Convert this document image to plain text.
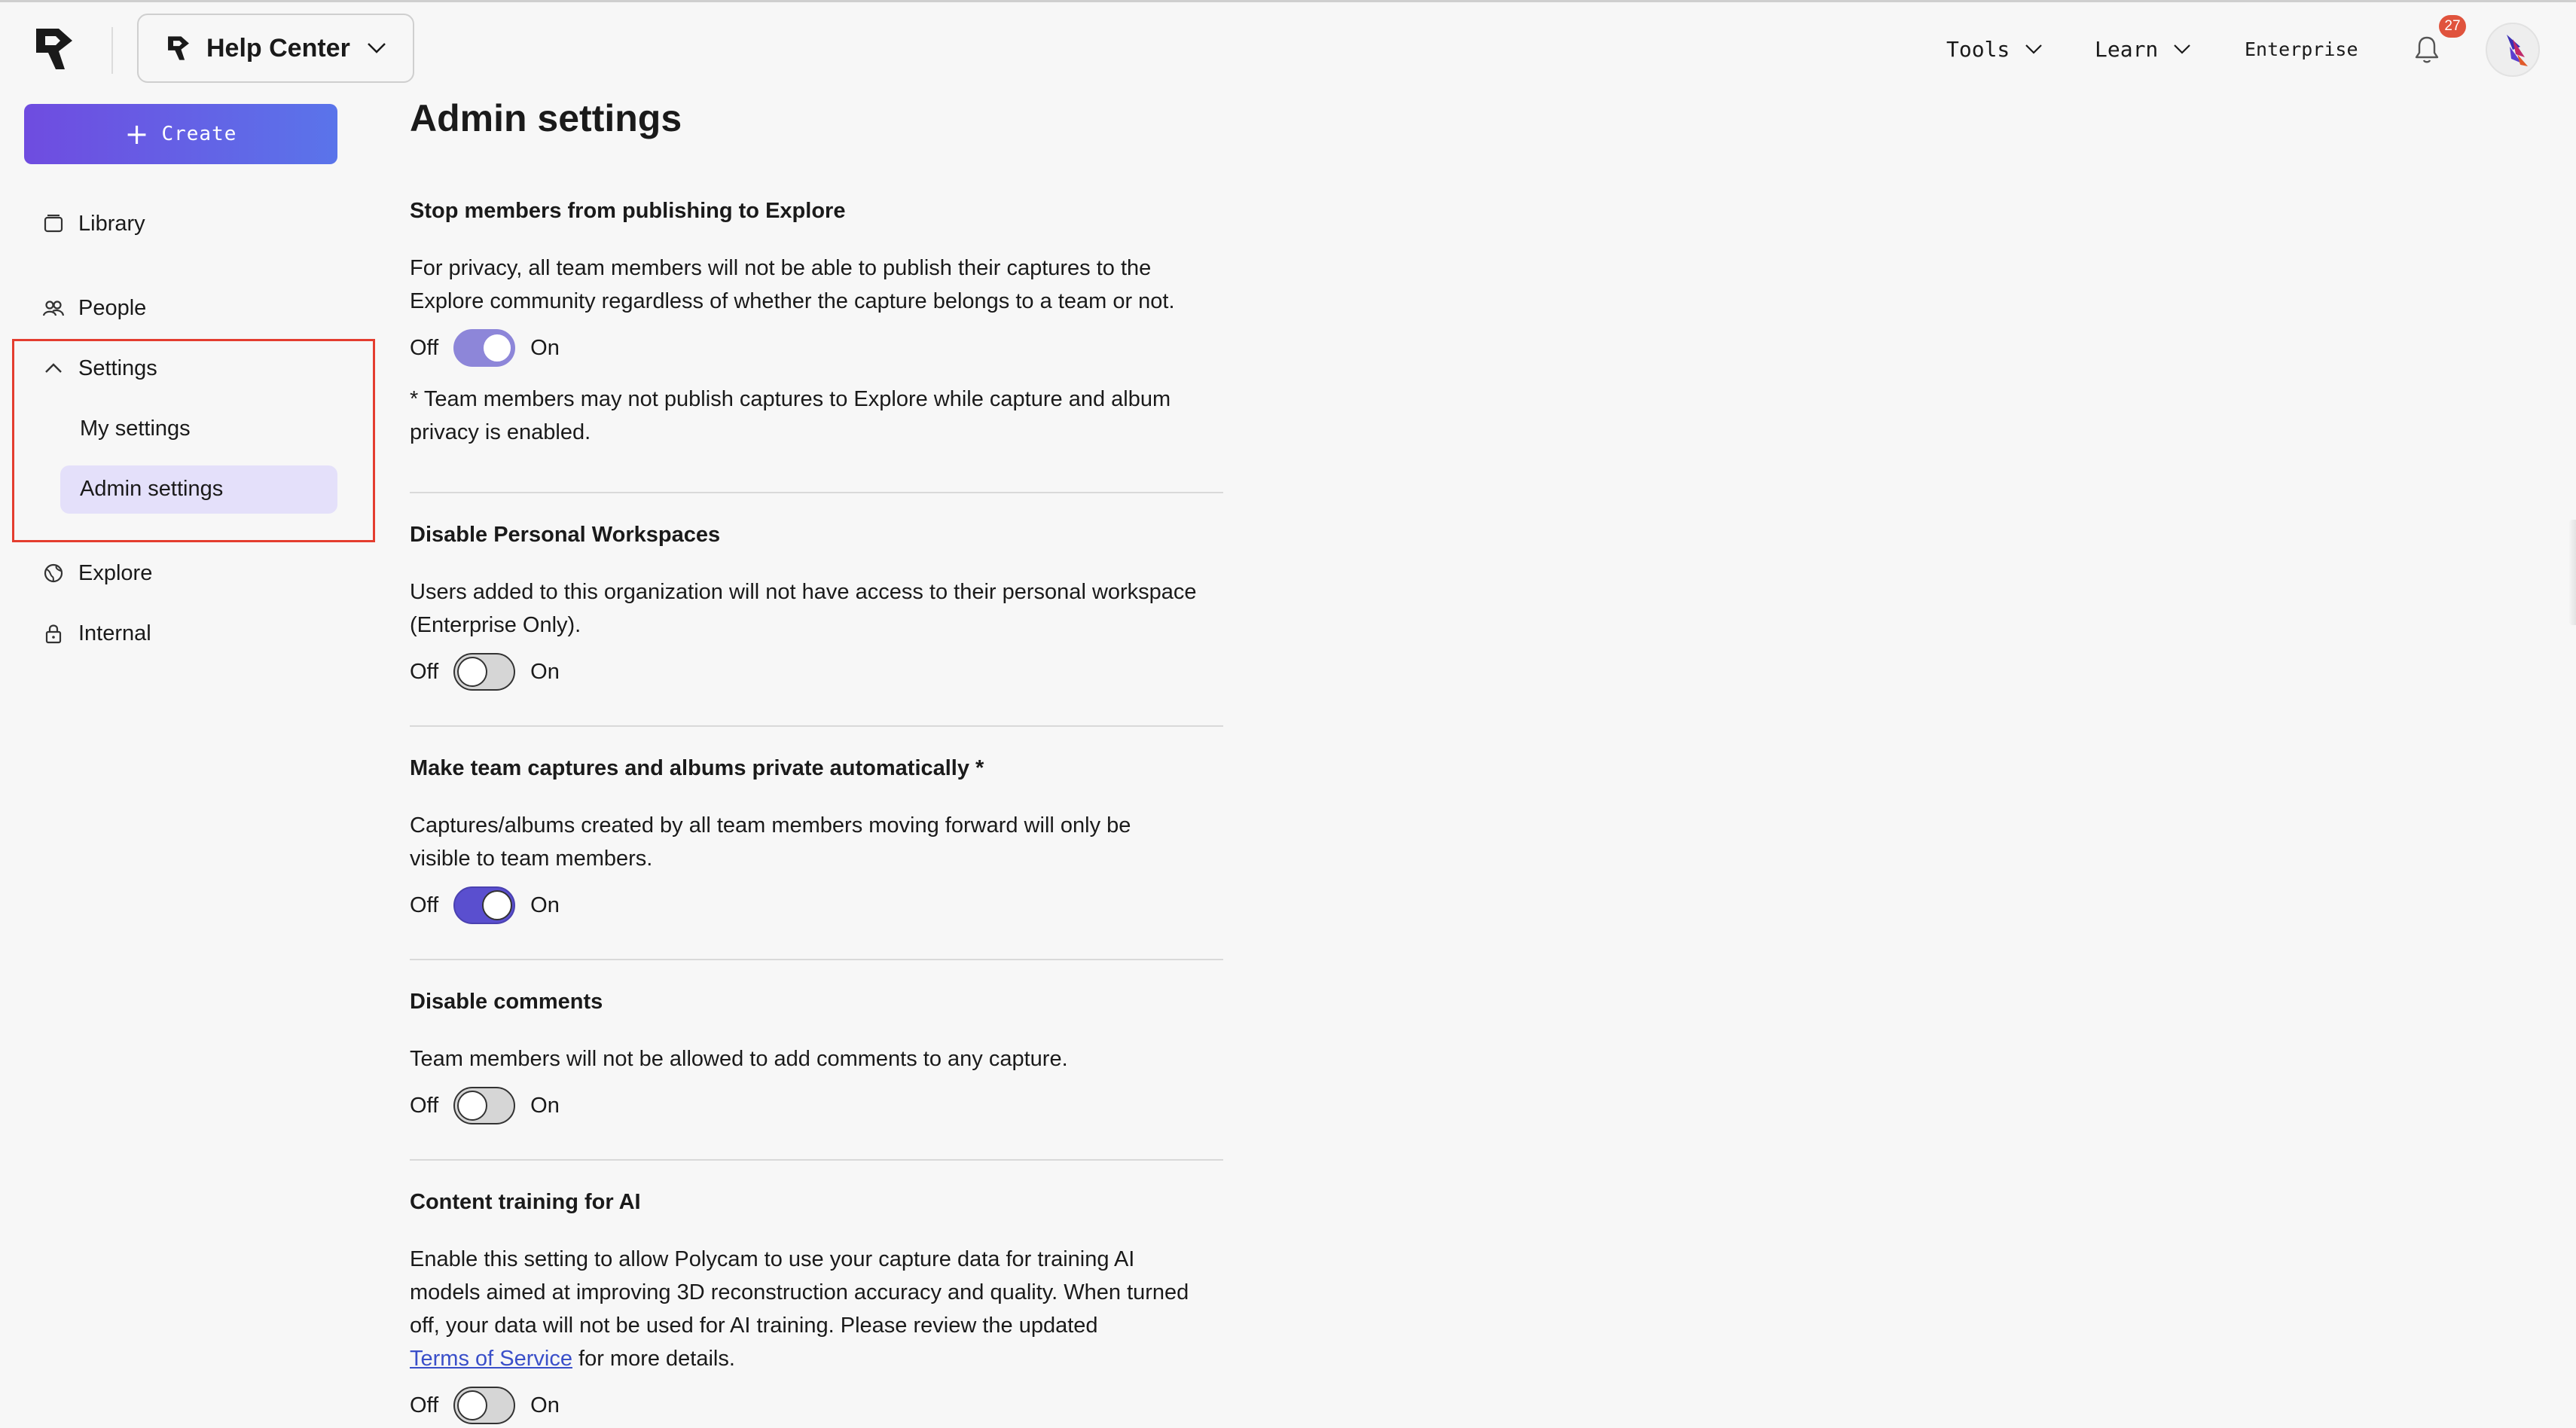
Help Center	Tools	Learn	Enterprise
27
+ Create
Library
People
Settings
My settings
Admin settings
Explore
Internal
Admin settings
Stop members from publishing to Explore
For privacy, all team members will not be able to publish their captures to the
Explore community regardless of whether the capture belongs to a team or not.
Off	On
* Team members may not publish captures to Explore while capture and album
privacy is enabled.
Disable Personal Workspaces
Users added to this organization will not have access to their personal workspace
(Enterprise Only).
Off	On
Make team captures and albums private automatically *
Captures/albums created by all team members moving forward will only be
visible to team members.
Off	On
Disable comments
Team members will not be allowed to add comments to any capture.
Off	On
Content training for AI
Enable this setting to allow Polycam to use your capture data for training AI
models aimed at improving 3D reconstruction accuracy and quality. When turned
off, your data will not be used for AI training. Please review the updated
Terms of Service for more details.
Off	On
